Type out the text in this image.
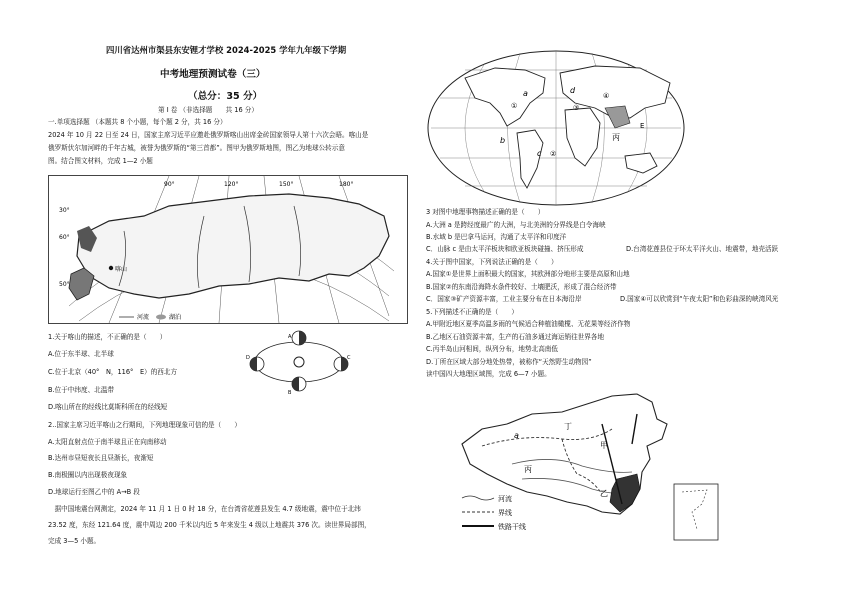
四川省达州市渠县东安锂才学校 2024-2025 学年九年级下学期
中考地理预测试卷（三）
（总分：35 分）
第 I 卷 （非选择题　　共 16 分）
一.单项选择题 （本题共 8 个小题，每个题 2 分，共 16 分）
2024 年 10 月 22 日至 24 日，国家主席习近平应邀赴俄罗斯喀山出席金砖国家领导人第十六次会晤。喀山是
俄罗斯伏尔加河畔的千年古城，被誉为俄罗斯的“第三首都”。图甲为俄罗斯地图，图乙为地球公转示意
图。结合图文材料，完成 1—2 小题
喀山
60°
90°	120°	150°	180°
30°
50°
河流	湖泊
1.关于喀山的描述，不正确的是（　　）
A.位于东半球、北半球
C.位于北京（40°　N，116°　E）的西北方
B.位于中纬度、北温带
D.喀山所在的经线比莫斯科所在的经线短
A
B
C
D
2..国家主席习近平喀山之行期间，下列地理现象可信的是（　　）
A.太阳直射点位于南半球且正在向南移动
B.达州市昼短夜长且昼渐长，夜渐短
B.南极圈以内出现极夜现象
D.地球运行至图乙中的 A→B 段
　据中国地震台网测定，2024 年 11 月 1 日 0 时 18 分，在台湾省花莲县发生 4.7 级地震，震中位于北纬
23.52 度，东经 121.64 度，震中周边 200 千米以内近 5 年来发生 4 级以上地震共 376 次。读世界局部图，
完成 3—5 小题。
a
b
c
d
①
②
③
④
丙
E
3 对图中地理事物描述正确的是（　　）
A.大洲 a 是跨经度最广的大洲，与北美洲的分界线是白令海峡
B.水域 b 是巴拿马运河，沟通了太平洋和印度洋
C．山脉 c 是由太平洋板块和欧亚板块碰撞、挤压形成	D.台湾花莲县位于环太平洋火山、地震带，地壳活跃
4.关于图中国家，下列说法正确的是（　　）
A.国家①是世界上面积最大的国家，其欧洲部分地形主要是高原和山地
B.国家②的东南沿海降水条件较好、土壤肥沃，形成了混合经济带
C．国家③矿产资源丰富，工业主要分布在日本海沿岸	D.国家④可以欣赏到“午夜太阳”和色彩曲深的峡湾风光
5.下列描述不正确的是（　　）
A.甲附近地区夏季高温多雨的气候适合种植油橄榄、无花果等经济作物
B.乙地区石油资源丰富，生产的石油多通过海运销往世界各地
C.丙半岛山河相间，纵列分布，地势北高南低
D.丁所在区域大部分地处热带，被称作“天然野生动物园”
读中国四大地理区域图，完成 6—7 小题。
a
丁
甲
乙
丙
河流
界线
铁路干线
